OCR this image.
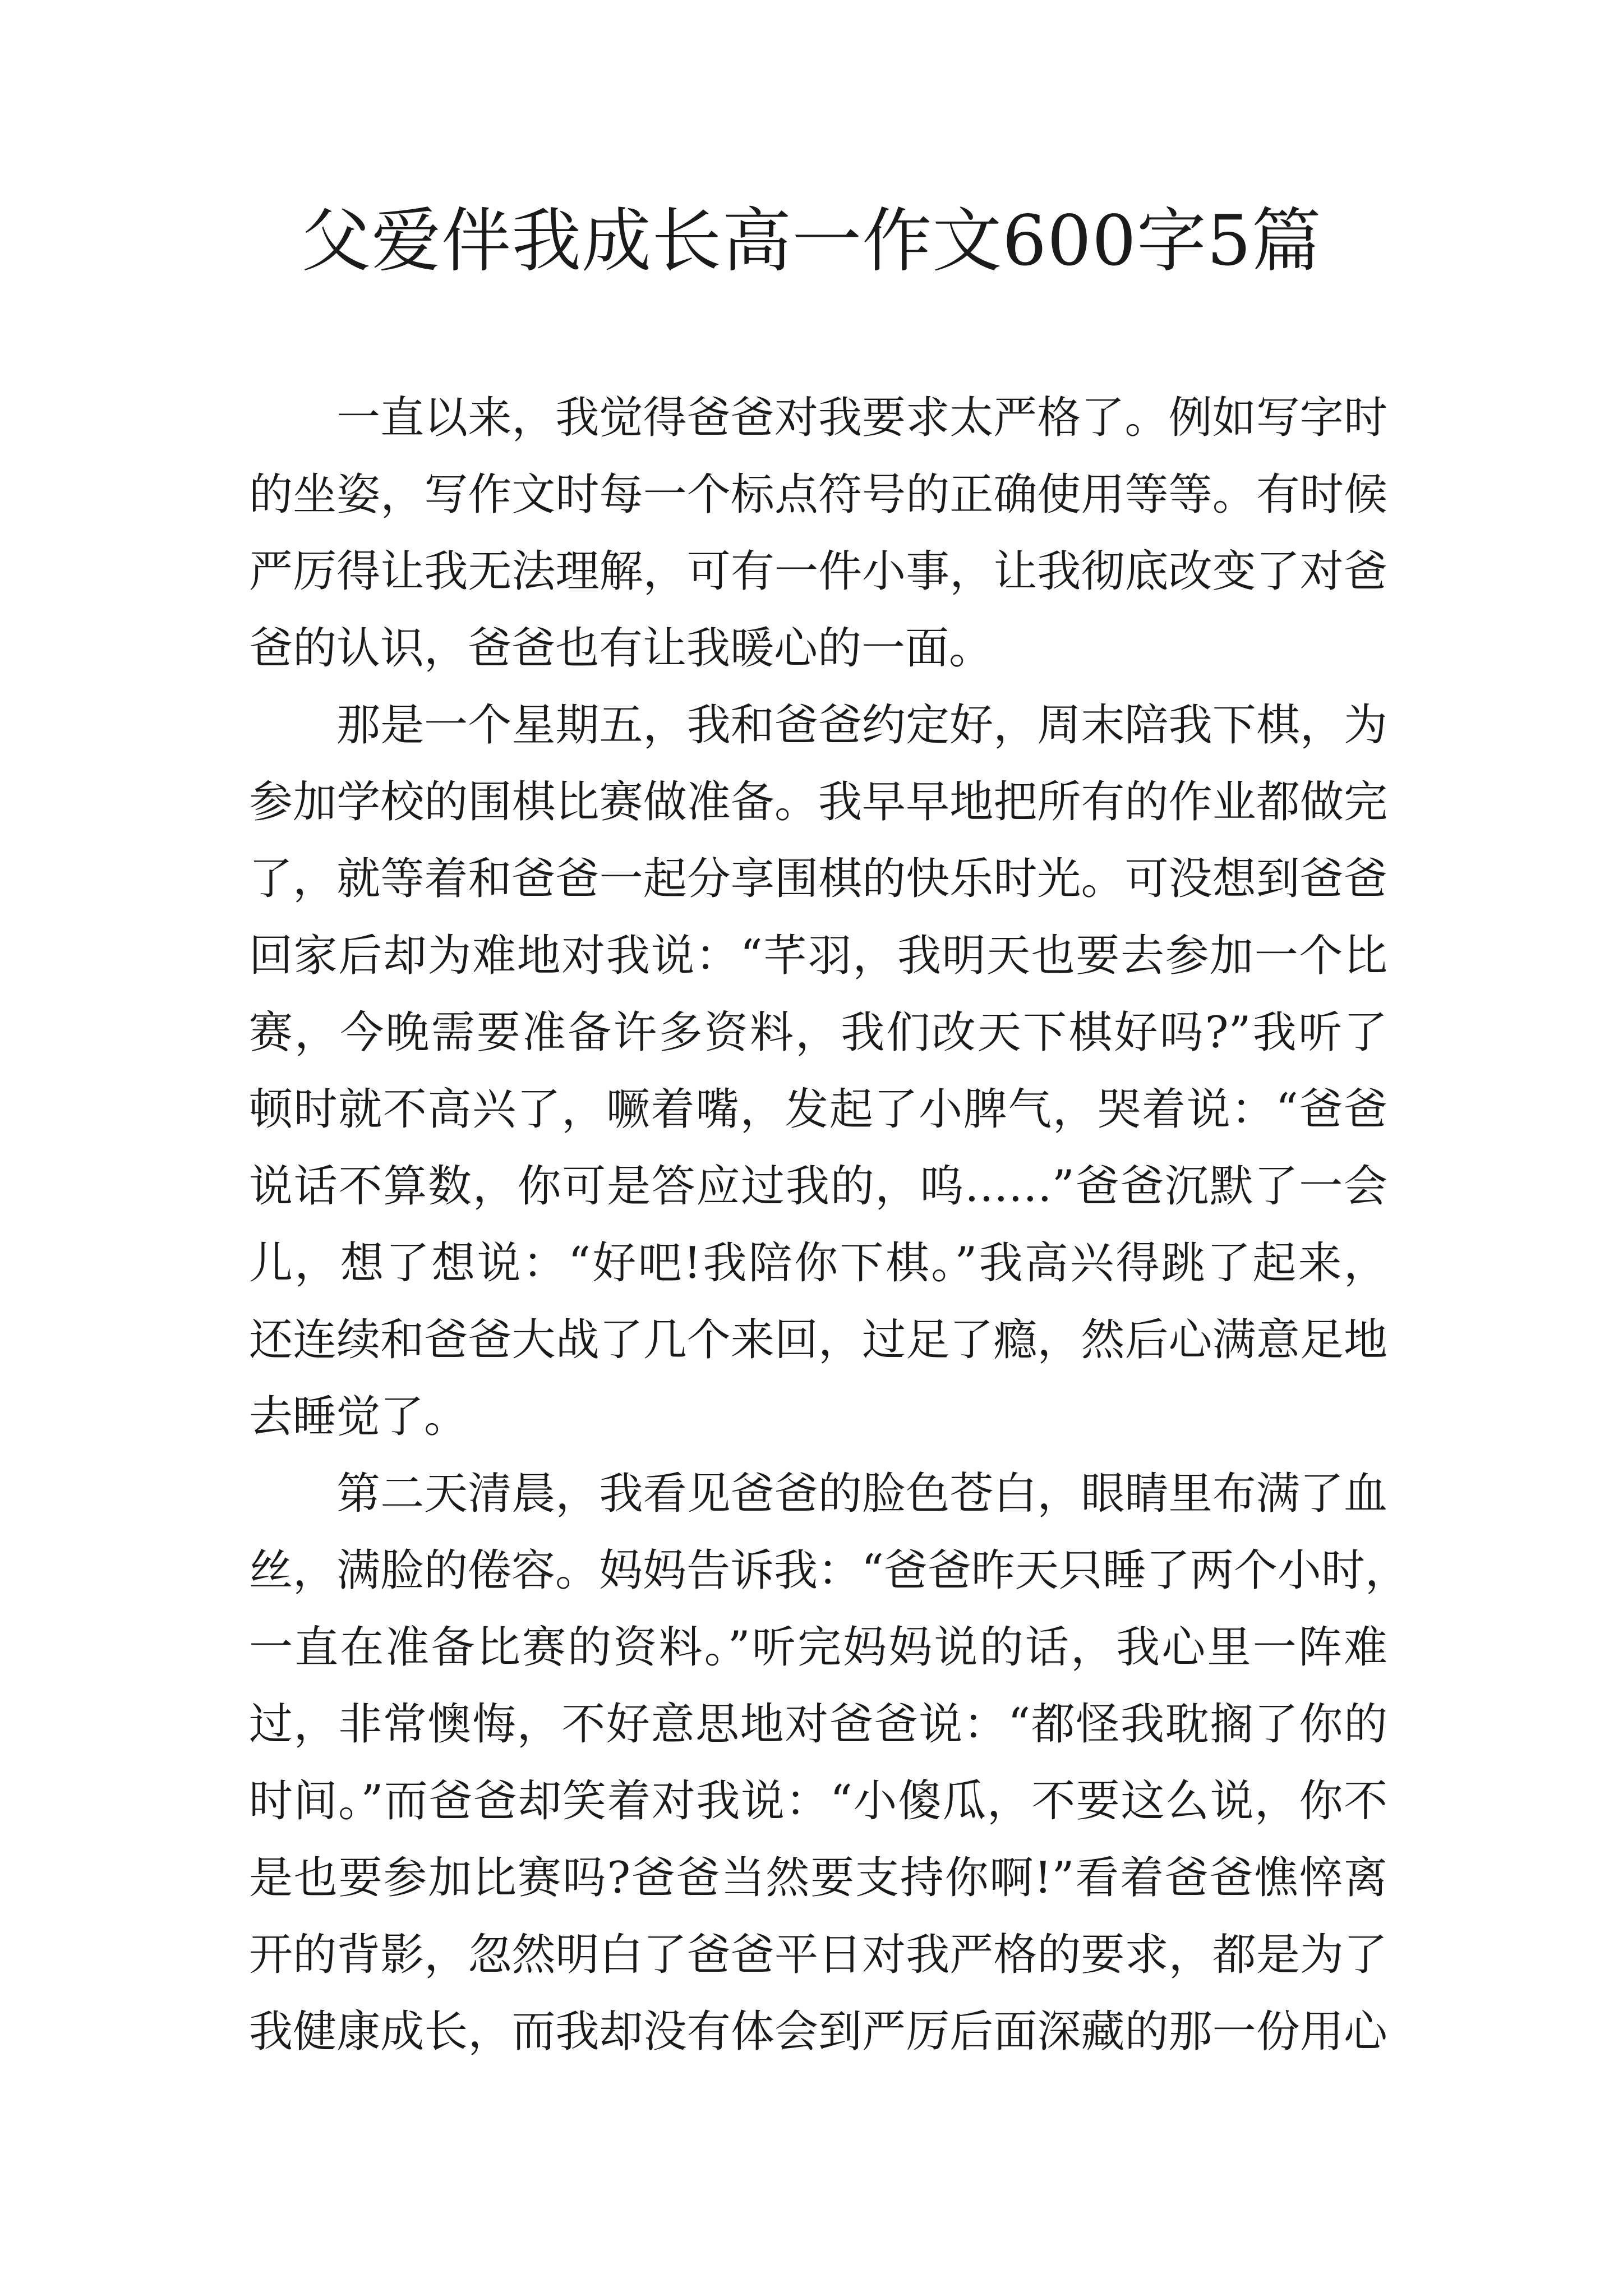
父爱伴我成长高一作文600字5篇

一直以来，我觉得爸爸对我要求太严格了。例如写字时

的坐姿，写作文时每一个标点符号的正确使用等等。有时候

严厉得让我无法理解，可有一件小事，让我彻底改变了对爸

爸的认识，爸爸也有让我暖心的一面。

那是一个星期五，我和爸爸约定好，周末陪我下棋，为

参加学校的围棋比赛做准备。我早早地把所有的作业都做完

了，就等着和爸爸一起分享围棋的快乐时光。可没想到爸爸

回家后却为难地对我说：“芊羽，我明天也要去参加一个比

赛，今晚需要准备许多资料，我们改天下棋好吗?”我听了

顿时就不高兴了，噘着嘴，发起了小脾气，哭着说：“爸爸

说话不算数，你可是答应过我的，呜……”爸爸沉默了一会

儿，想了想说：“好吧!我陪你下棋。”我高兴得跳了起来，

还连续和爸爸大战了几个来回，过足了瘾，然后心满意足地

去睡觉了。

第二天清晨，我看见爸爸的脸色苍白，眼睛里布满了血

丝，满脸的倦容。妈妈告诉我：“爸爸昨天只睡了两个小时，

一直在准备比赛的资料。”听完妈妈说的话，我心里一阵难

过，非常懊悔，不好意思地对爸爸说：“都怪我耽搁了你的

时间。”而爸爸却笑着对我说：“小傻瓜，不要这么说，你不

是也要参加比赛吗?爸爸当然要支持你啊!”看着爸爸憔悴离

开的背影，忽然明白了爸爸平日对我严格的要求，都是为了

我健康成长，而我却没有体会到严厉后面深藏的那一份用心
